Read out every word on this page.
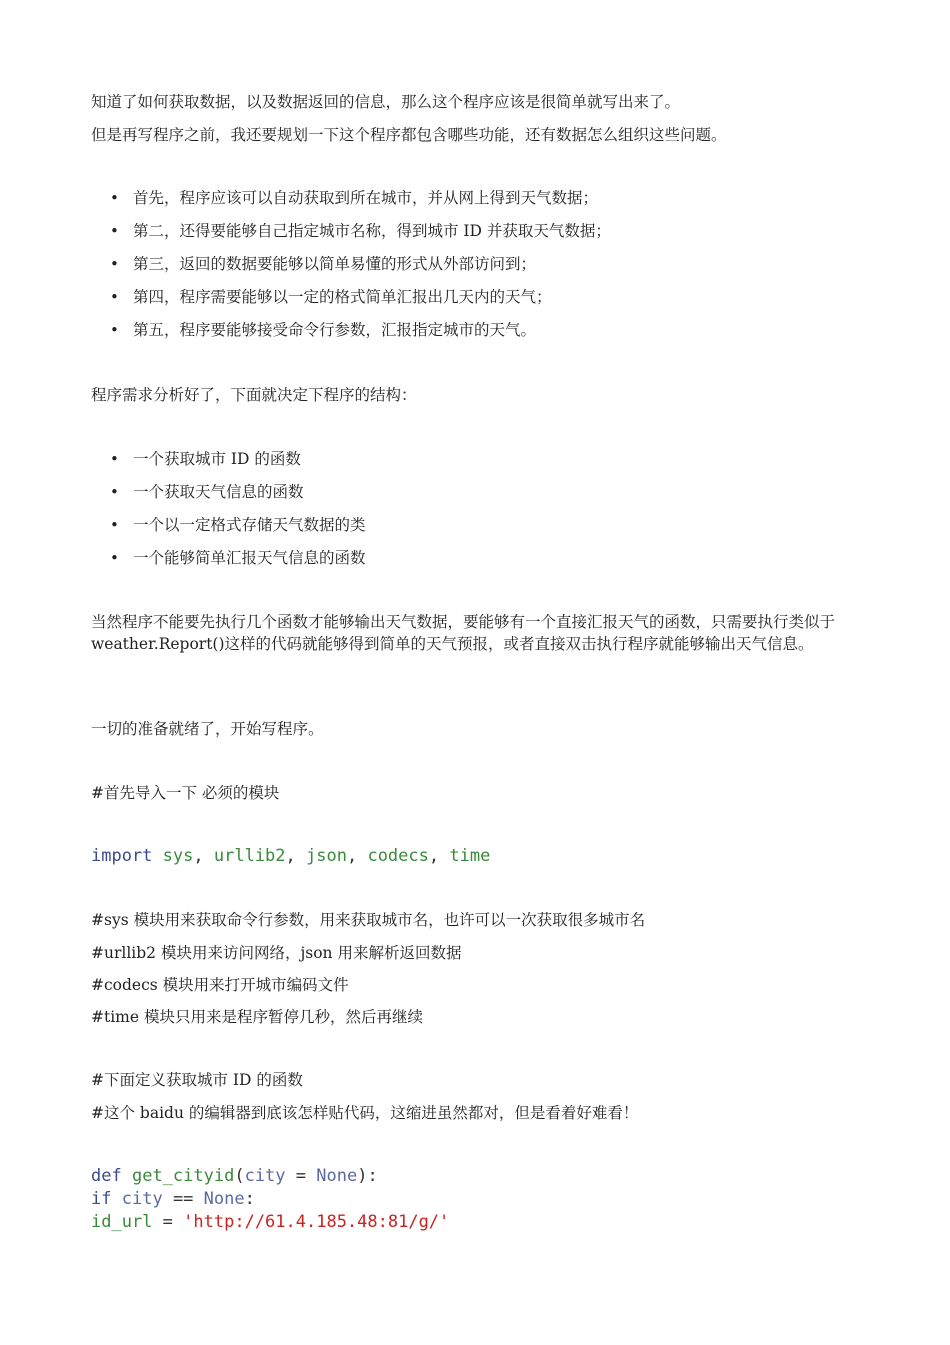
知道了如何获取数据，以及数据返回的信息，那么这个程序应该是很简单就写出来了。
但是再写程序之前，我还要规划一下这个程序都包含哪些功能，还有数据怎么组织这些问题。
• 首先，程序应该可以自动获取到所在城市，并从网上得到天气数据；
• 第二，还得要能够自己指定城市名称，得到城市 ID 并获取天气数据；
• 第三，返回的数据要能够以简单易懂的形式从外部访问到；
• 第四，程序需要能够以一定的格式简单汇报出几天内的天气；
• 第五，程序要能够接受命令行参数，汇报指定城市的天气。
程序需求分析好了，下面就决定下程序的结构：
• 一个获取城市 ID 的函数
• 一个获取天气信息的函数
• 一个以一定格式存储天气数据的类
• 一个能够简单汇报天气信息的函数
当然程序不能要先执行几个函数才能够输出天气数据，要能够有一个直接汇报天气的函数，只需要执行类似于 weather.Report()这样的代码就能够得到简单的天气预报，或者直接双击执行程序就能够输出天气信息。
一切的准备就绪了，开始写程序。
#首先导入一下 必须的模块
import sys, urllib2, json, codecs, time
#sys 模块用来获取命令行参数，用来获取城市名，也许可以一次获取很多城市名
#urllib2 模块用来访问网络，json 用来解析返回数据
#codecs 模块用来打开城市编码文件
#time 模块只用来是程序暂停几秒，然后再继续
#下面定义获取城市 ID 的函数
#这个 baidu 的编辑器到底该怎样贴代码，这缩进虽然都对，但是看着好难看！
def get_cityid(city = None):
if city == None:
id_url = 'http://61.4.185.48:81/g/'
